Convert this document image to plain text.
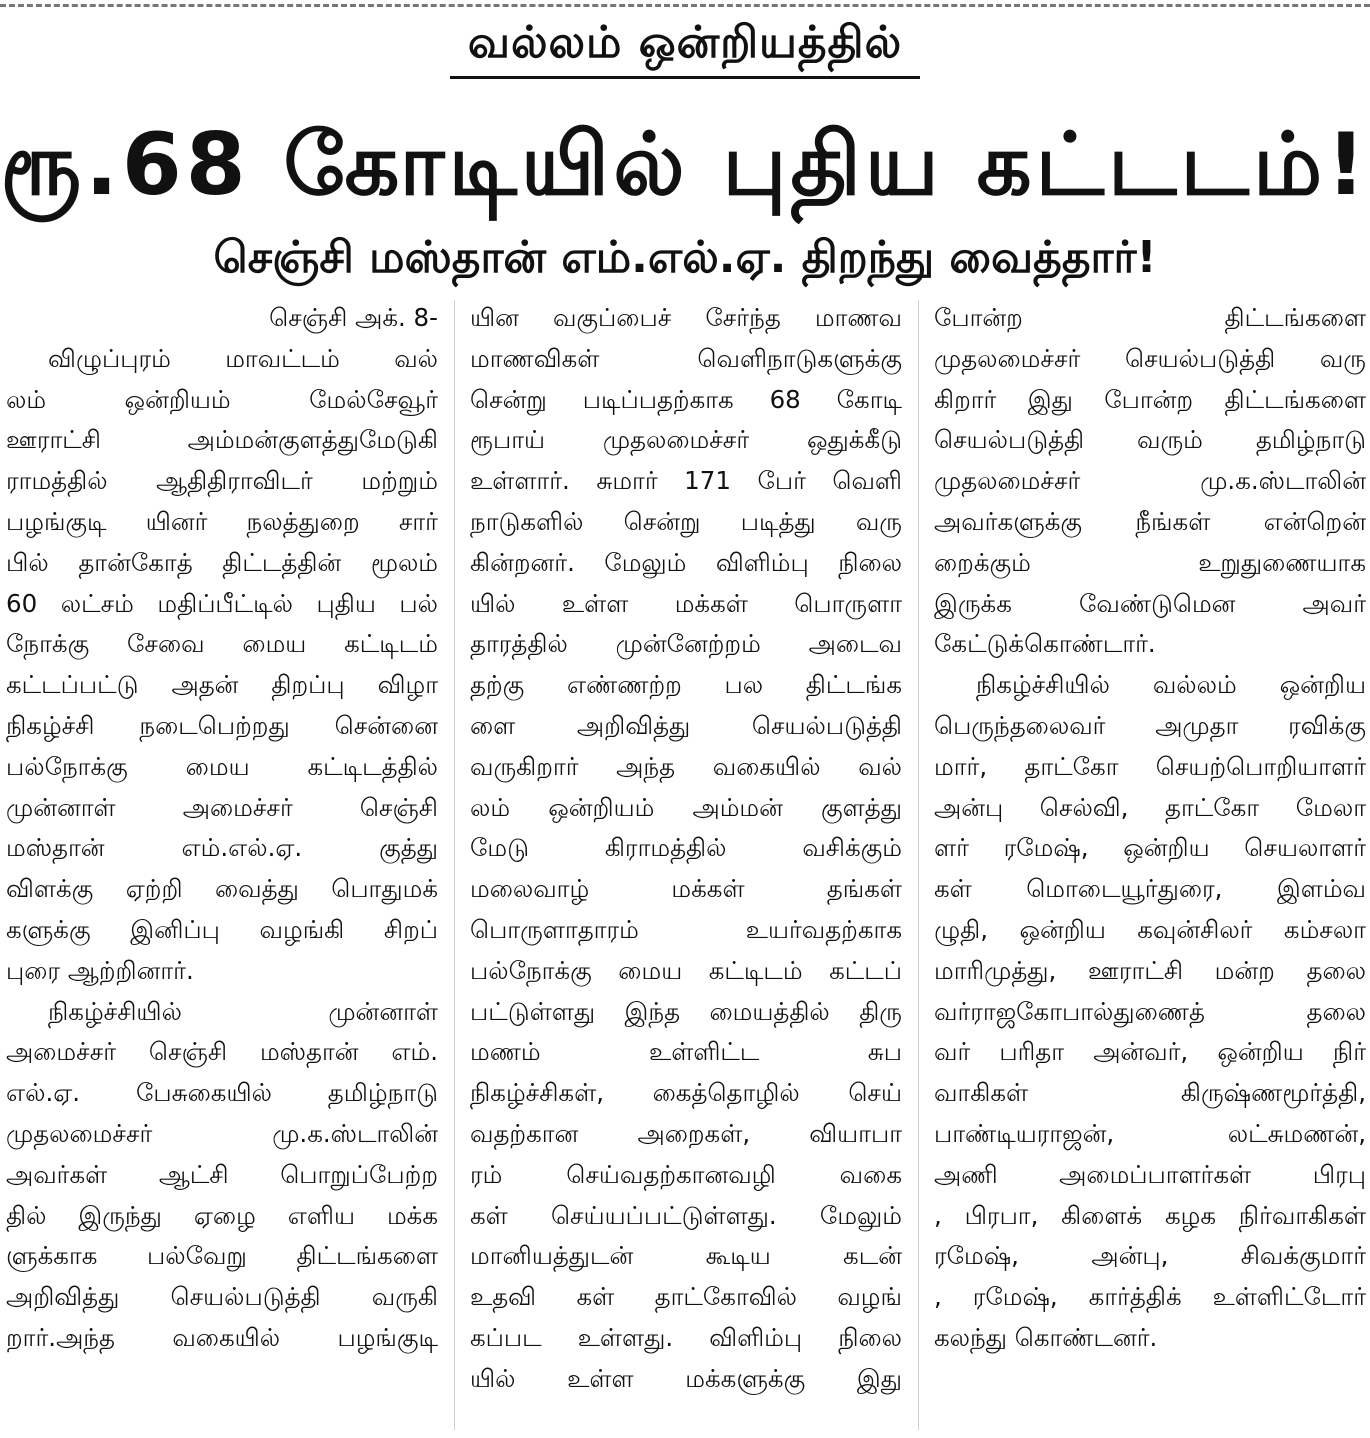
வல்லம் ஒன்றியத்தில்
ரூ.68 கோடியில் புதிய கட்டடம்!
செஞ்சி மஸ்தான் எம்.எல்.ஏ. திறந்து வைத்தார்!
செஞ்சி அக். 8-
விழுப்புரம் மாவட்டம் வல்
லம் ஒன்றியம் மேல்சேவூர்
ஊராட்சி அம்மன்குளத்துமேடுகி
ராமத்தில் ஆதிதிராவிடர் மற்றும்
பழங்குடி யினர் நலத்துறை சார்
பில் தான்கோத் திட்டத்தின் மூலம்
60 லட்சம் மதிப்பீட்டில் புதிய பல்
நோக்கு சேவை மைய கட்டிடம்
கட்டப்பட்டு அதன் திறப்பு விழா
நிகழ்ச்சி நடைபெற்றது சென்னை
பல்நோக்கு மைய கட்டிடத்தில்
முன்னாள் அமைச்சர் செஞ்சி
மஸ்தான் எம்.எல்.ஏ. குத்து
விளக்கு ஏற்றி வைத்து பொதுமக்
களுக்கு இனிப்பு வழங்கி சிறப்
புரை ஆற்றினார்.
நிகழ்ச்சியில் முன்னாள்
அமைச்சர் செஞ்சி மஸ்தான் எம்.
எல்.ஏ. பேசுகையில் தமிழ்நாடு
முதலமைச்சர் மு.க.ஸ்டாலின்
அவர்கள் ஆட்சி பொறுப்பேற்ற
தில் இருந்து ஏழை எளிய மக்க
ளுக்காக பல்வேறு திட்டங்களை
அறிவித்து செயல்படுத்தி வருகி
றார்.அந்த வகையில் பழங்குடி
யின வகுப்பைச் சேர்ந்த மாணவ
மாணவிகள் வெளிநாடுகளுக்கு
சென்று படிப்பதற்காக 68 கோடி
ரூபாய் முதலமைச்சர் ஒதுக்கீடு
உள்ளார். சுமார் 171 பேர் வெளி
நாடுகளில் சென்று படித்து வரு
கின்றனர். மேலும் விளிம்பு நிலை
யில் உள்ள மக்கள் பொருளா
தாரத்தில் முன்னேற்றம் அடைவ
தற்கு எண்ணற்ற பல திட்டங்க
ளை அறிவித்து செயல்படுத்தி
வருகிறார் அந்த வகையில் வல்
லம் ஒன்றியம் அம்மன் குளத்து
மேடு கிராமத்தில் வசிக்கும்
மலைவாழ் மக்கள் தங்கள்
பொருளாதாரம் உயர்வதற்காக
பல்நோக்கு மைய கட்டிடம் கட்டப்
பட்டுள்ளது இந்த மையத்தில் திரு
மணம் உள்ளிட்ட சுப
நிகழ்ச்சிகள், கைத்தொழில் செய்
வதற்கான அறைகள், வியாபா
ரம் செய்வதற்கானவழி வகை
கள் செய்யப்பட்டுள்ளது. மேலும்
மானியத்துடன் கூடிய கடன்
உதவி கள் தாட்கோவில் வழங்
கப்பட உள்ளது. விளிம்பு நிலை
யில் உள்ள மக்களுக்கு இது
போன்ற திட்டங்களை
முதலமைச்சர் செயல்படுத்தி வரு
கிறார் இது போன்ற திட்டங்களை
செயல்படுத்தி வரும் தமிழ்நாடு
முதலமைச்சர் மு.க.ஸ்டாலின்
அவர்களுக்கு நீங்கள் என்றென்
றைக்கும் உறுதுணையாக
இருக்க வேண்டுமென அவர்
கேட்டுக்கொண்டார்.
நிகழ்ச்சியில் வல்லம் ஒன்றிய
பெருந்தலைவர் அமுதா ரவிக்கு
மார், தாட்கோ செயற்பொறியாளர்
அன்பு செல்வி, தாட்கோ மேலா
ளர் ரமேஷ், ஒன்றிய செயலாளர்
கள் மொடையூர்துரை, இளம்வ
ழுதி, ஒன்றிய கவுன்சிலர் கம்சலா
மாரிமுத்து, ஊராட்சி மன்ற தலை
வர்ராஜகோபால்துணைத் தலை
வர் பரிதா அன்வர், ஒன்றிய நிர்
வாகிகள் கிருஷ்ணமூர்த்தி,
பாண்டியராஜன், லட்சுமணன்,
அணி அமைப்பாளர்கள் பிரபு
, பிரபா, கிளைக் கழக நிர்வாகிகள்
ரமேஷ், அன்பு, சிவக்குமார்
, ரமேஷ், கார்த்திக் உள்ளிட்டோர்
கலந்து கொண்டனர்.
